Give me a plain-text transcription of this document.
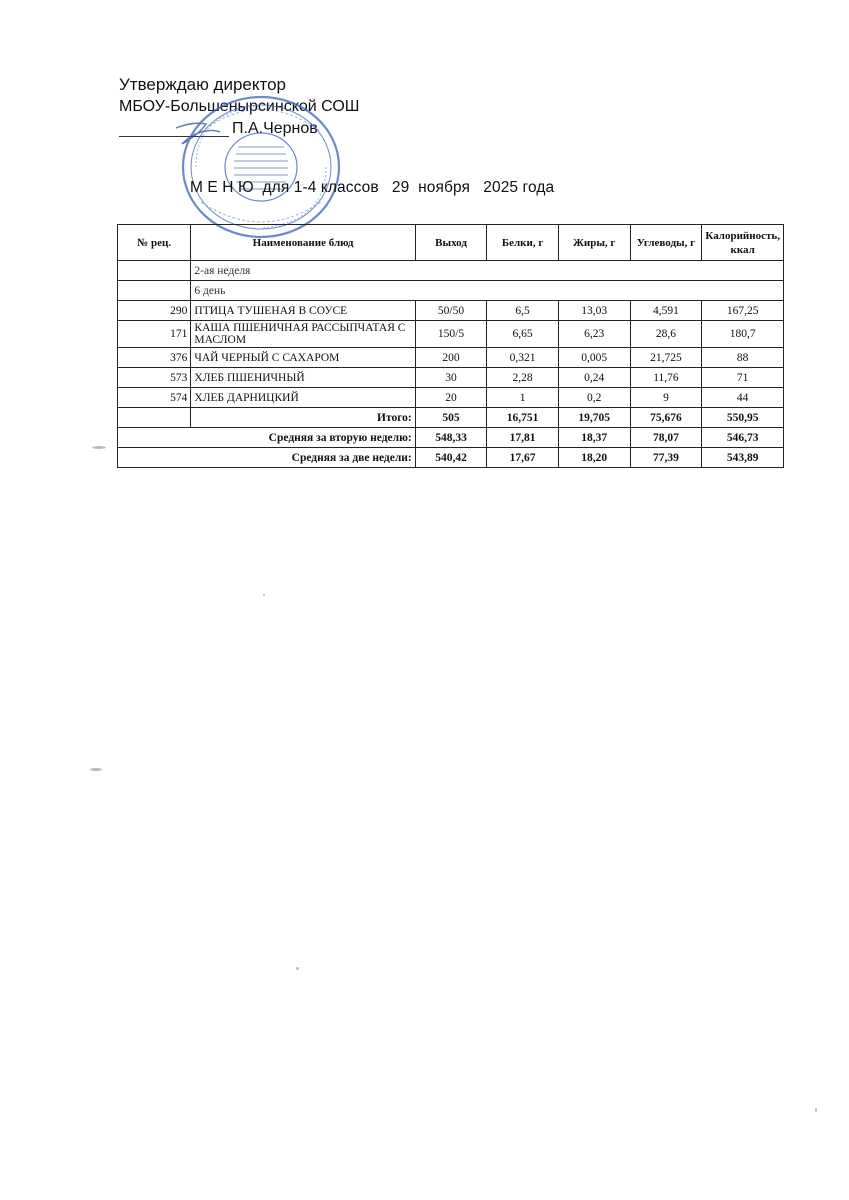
Утверждаю директор
МБОУ-Большенырсинской СОШ
П.А.Чернов
М Е Н Ю  для 1-4 классов   29  ноября   2025 года
№ рец.	Наименование блюд	Выход	Белки, г	Жиры, г	Углеводы, г	Калорийность, ккал
	2-ая неделя					
	6 день					
290	ПТИЦА ТУШЕНАЯ В СОУСЕ	50/50	6,5	13,03	4,591	167,25
171	КАША ПШЕНИЧНАЯ РАССЫПЧАТАЯ С МАСЛОМ	150/5	6,65	6,23	28,6	180,7
376	ЧАЙ ЧЕРНЫЙ С САХАРОМ	200	0,321	0,005	21,725	88
573	ХЛЕБ ПШЕНИЧНЫЙ	30	2,28	0,24	11,76	71
574	ХЛЕБ ДАРНИЦКИЙ	20	1	0,2	9	44
	Итого:	505	16,751	19,705	75,676	550,95
Средняя за вторую неделю:		548,33	17,81	18,37	78,07	546,73
Средняя за две недели:		540,42	17,67	18,20	77,39	543,89
